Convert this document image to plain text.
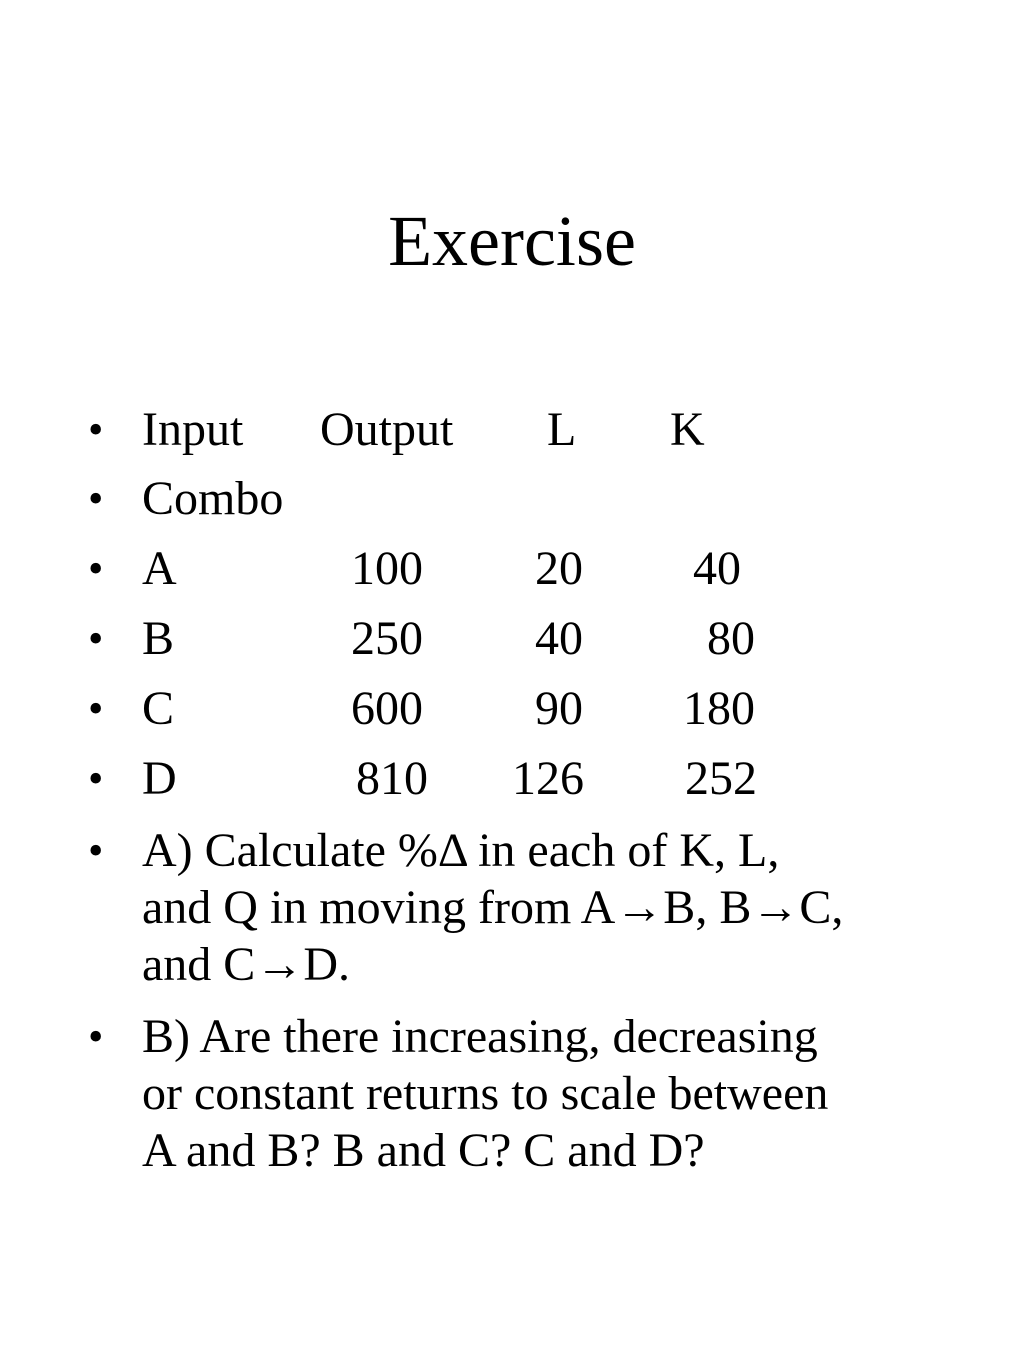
Exercise
• Input Output L K
• Combo
• A	100 20 40
• B	250 40	80
• C	600 90 180
• D	810 126 252
• A) Calculate %Δ in each of K, L,
and Q in moving from A→B, B→C,
and C→D.
• B) Are there increasing, decreasing
or constant returns to scale between
A and B? B and C? C and D?
